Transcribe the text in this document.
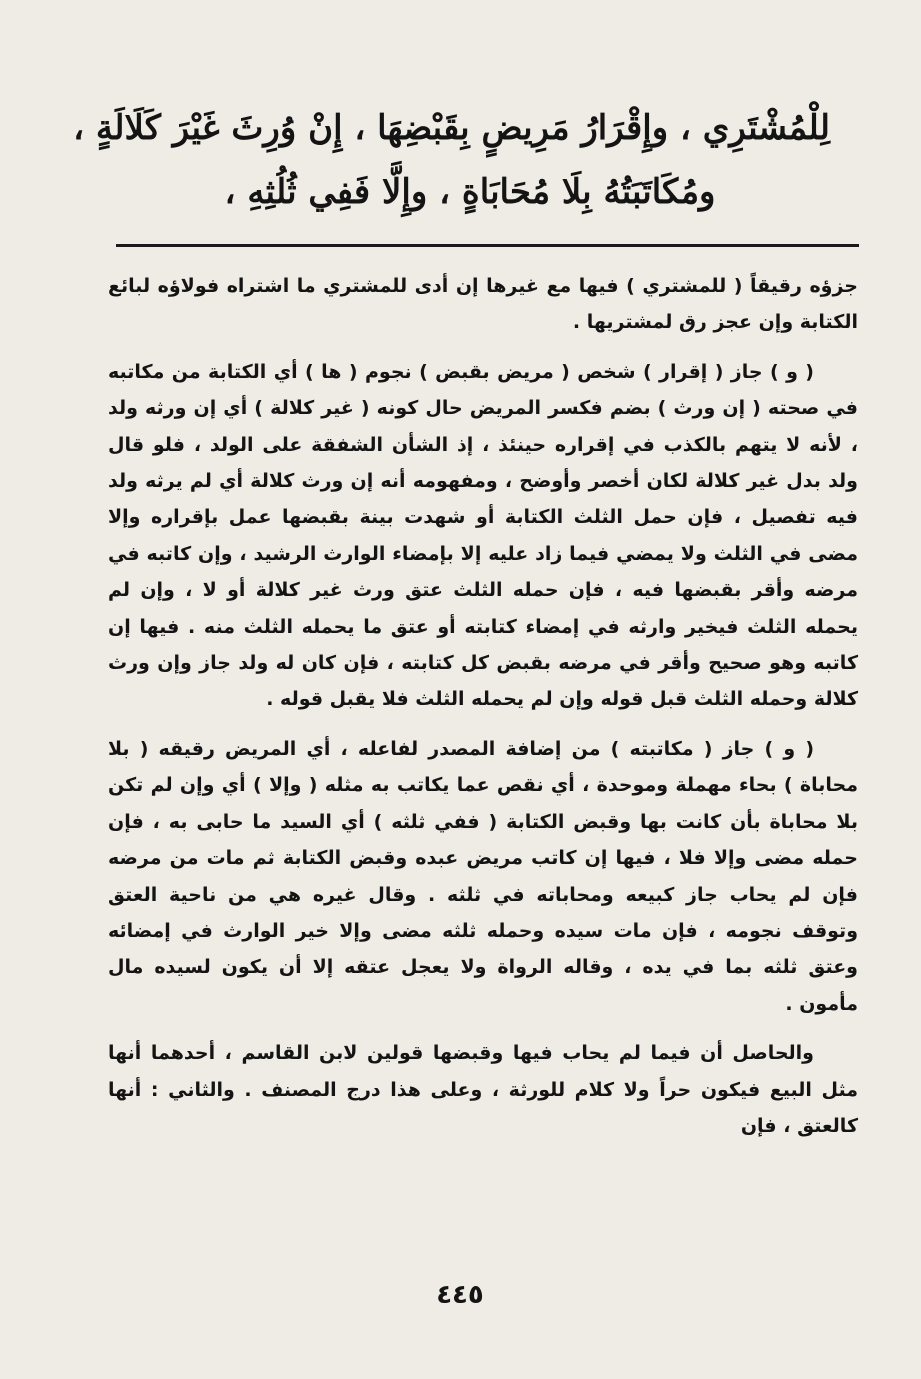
لِلْمُشْتَرِي ، وإِقْرَارُ مَرِيضٍ بِقَبْضِهَا ، إِنْ وُرِثَ غَيْرَ كَلَالَةٍ ،
ومُكَاتَبَتُهُ بِلَا مُحَابَاةٍ ، وإِلَّا فَفِي ثُلُثِهِ ،

جزؤه رقيقاً ( للمشتري ) فيها مع غيرها إن أدى للمشتري ما اشتراه فولاؤه لبائع الكتابة وإن عجز رق لمشتريها .

( و ) جاز ( إقرار ) شخص ( مريض بقبض ) نجوم ( ها ) أي الكتابة من مكاتبه في صحته ( إن ورث ) بضم فكسر المريض حال كونه ( غير كلالة ) أي إن ورثه ولد ، لأنه لا يتهم بالكذب في إقراره حينئذ ، إذ الشأن الشفقة على الولد ، فلو قال ولد بدل غير كلالة لكان أخصر وأوضح ، ومفهومه أنه إن ورث كلالة أي لم يرثه ولد فيه تفصيل ، فإن حمل الثلث الكتابة أو شهدت بينة بقبضها عمل بإقراره وإلا مضى في الثلث ولا يمضي فيما زاد عليه إلا بإمضاء الوارث الرشيد ، وإن كاتبه في مرضه وأقر بقبضها فيه ، فإن حمله الثلث عتق ورث غير كلالة أو لا ، وإن لم يحمله الثلث فيخير وارثه في إمضاء كتابته أو عتق ما يحمله الثلث منه . فيها إن كاتبه وهو صحيح وأقر في مرضه بقبض كل كتابته ، فإن كان له ولد جاز وإن ورث كلالة وحمله الثلث قبل قوله وإن لم يحمله الثلث فلا يقبل قوله .

( و ) جاز ( مكاتبته ) من إضافة المصدر لفاعله ، أي المريض رقيقه ( بلا محاباة ) بحاء مهملة وموحدة ، أي نقص عما يكاتب به مثله ( وإلا ) أي وإن لم تكن بلا محاباة بأن كانت بها وقبض الكتابة ( ففي ثلثه ) أي السيد ما حابى به ، فإن حمله مضى وإلا فلا ، فيها إن كاتب مريض عبده وقبض الكتابة ثم مات من مرضه فإن لم يحاب جاز كبيعه ومحاباته في ثلثه . وقال غيره هي من ناحية العتق وتوقف نجومه ، فإن مات سيده وحمله ثلثه مضى وإلا خير الوارث في إمضائه وعتق ثلثه بما في يده ، وقاله الرواة ولا يعجل عتقه إلا أن يكون لسيده مال مأمون .

والحاصل أن فيما لم يحاب فيها وقبضها قولين لابن القاسم ، أحدهما أنها مثل البيع فيكون حراً ولا كلام للورثة ، وعلى هذا درج المصنف . والثاني : أنها كالعتق ، فإن

٤٤٥
